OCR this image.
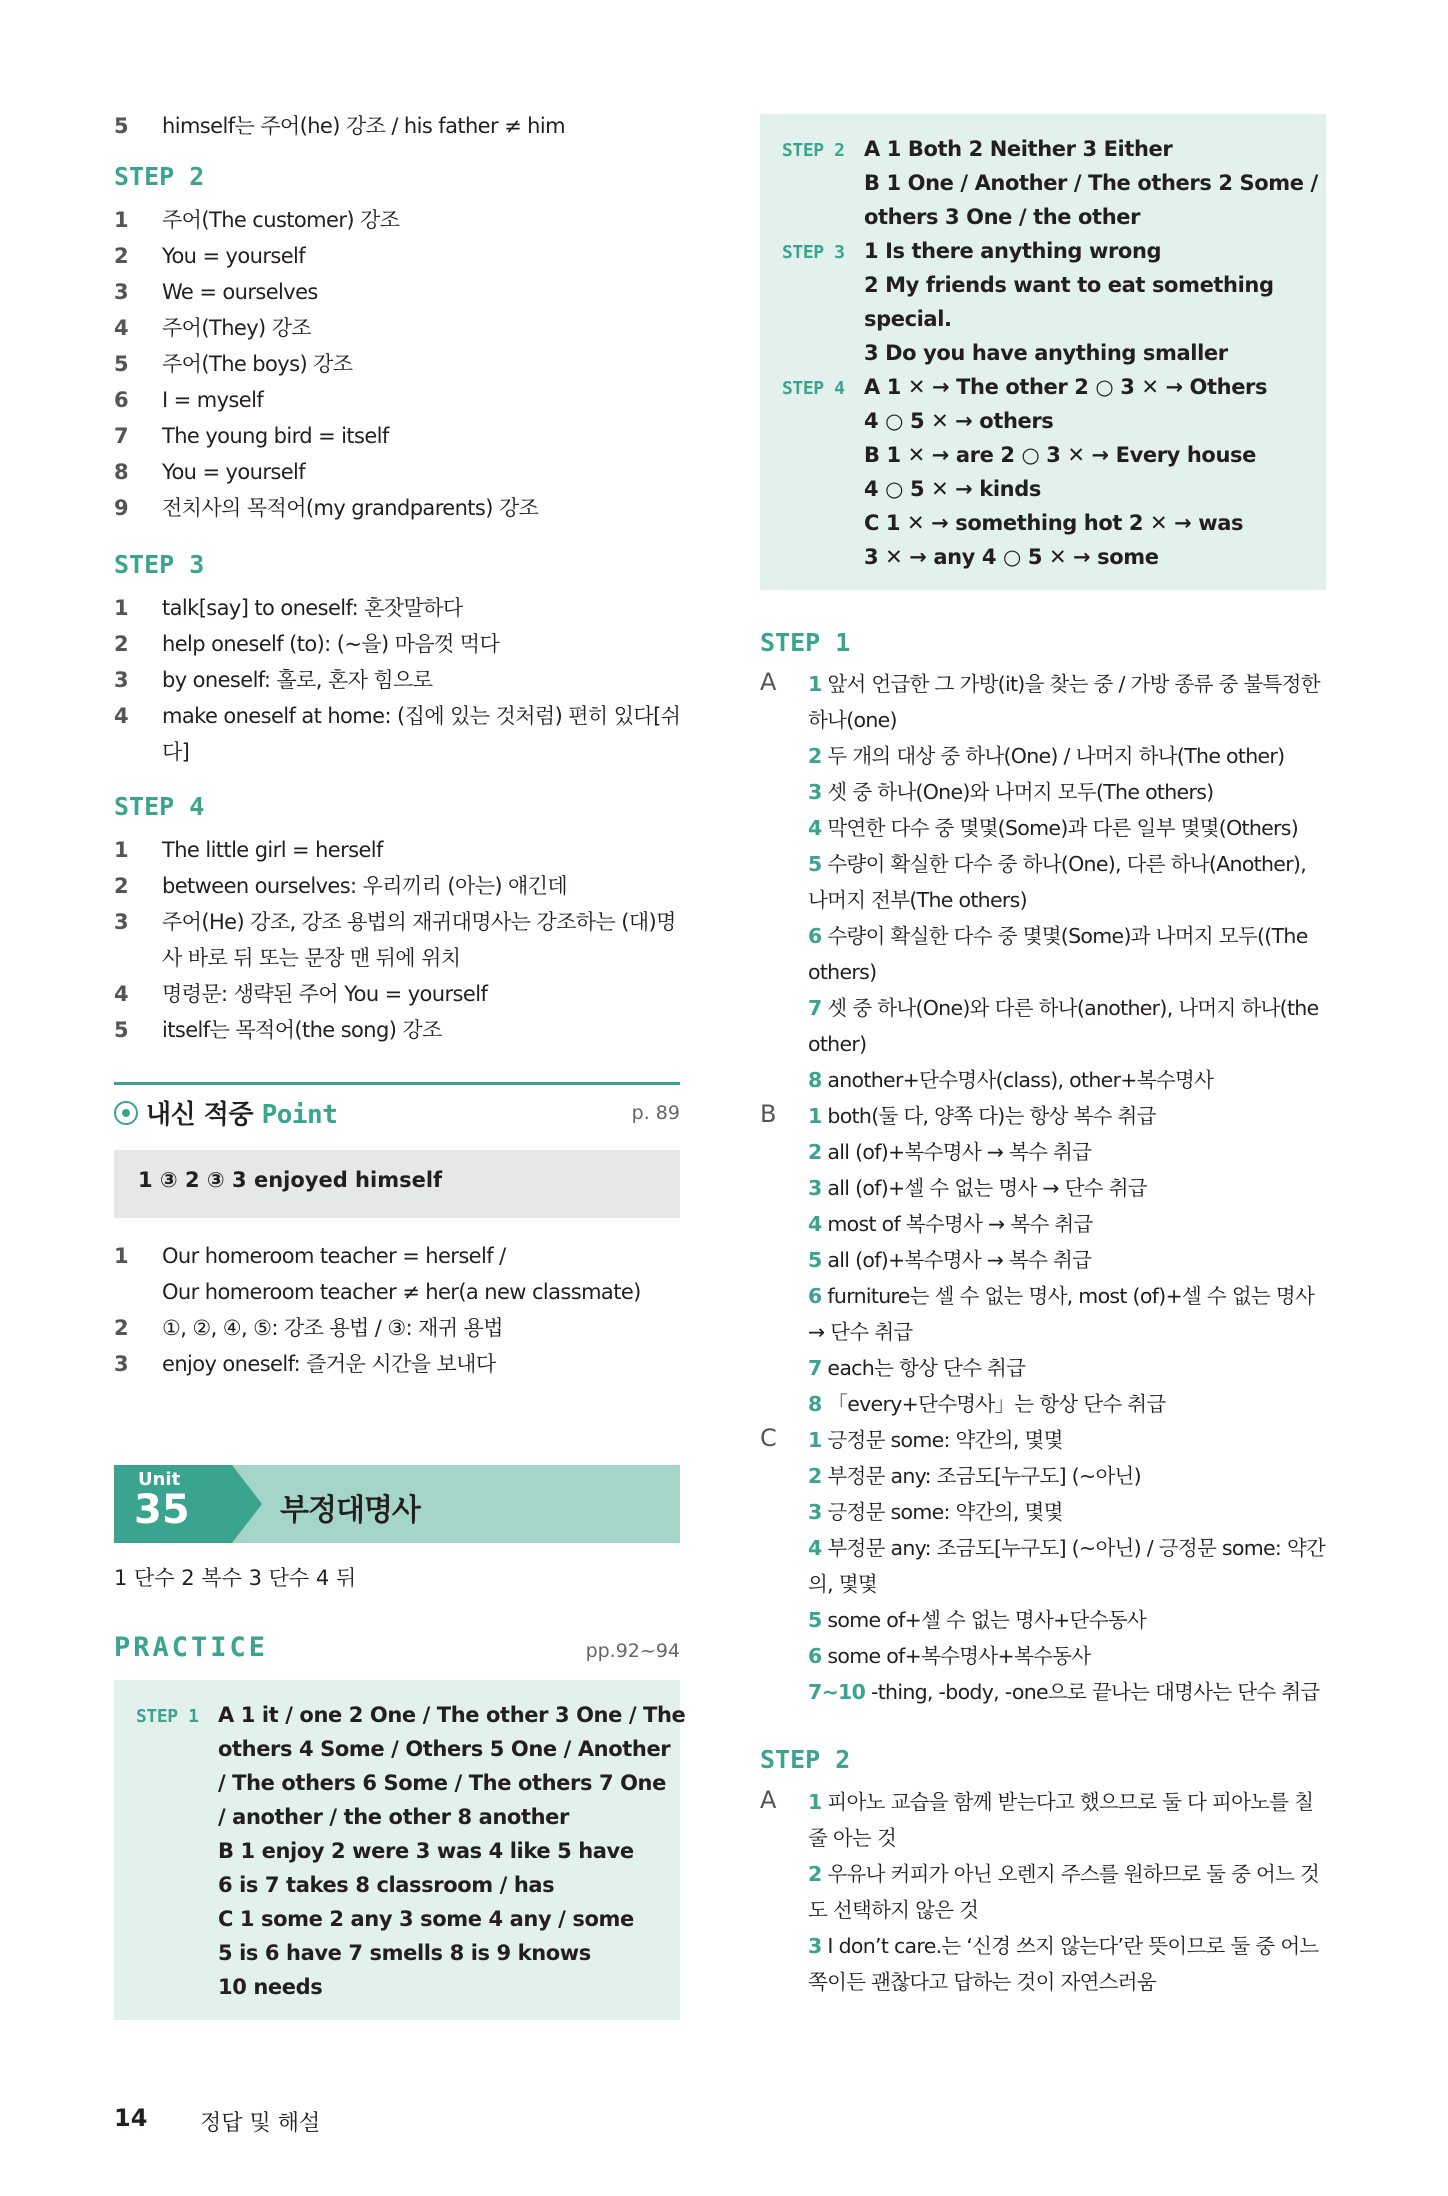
5 himself는 주어(he) 강조 / his father ≠ him
STEP 2
1 주어(The customer) 강조
2 You = yourself
3 We = ourselves
4 주어(They) 강조
5 주어(The boys) 강조
6 I = myself
7 The young bird = itself
8 You = yourself
9 전치사의 목적어(my grandparents) 강조
STEP 3
1 talk[say] to oneself: 혼잣말하다
2 help oneself (to): (~을) 마음껏 먹다
3 by oneself: 홀로, 혼자 힘으로
4 make oneself at home: (집에 있는 것처럼) 편히 있다[쉬
다]
STEP 4
1 The little girl = herself
2 between ourselves: 우리끼리 (아는) 얘긴데
3 주어(He) 강조, 강조 용법의 재귀대명사는 강조하는 (대)명
사 바로 뒤 또는 문장 맨 뒤에 위치
4 명령문: 생략된 주어 You = yourself
5 itself는 목적어(the song) 강조
내신 적중 Point	p. 89
1 ③ 2 ③ 3 enjoyed himself
1 Our homeroom teacher = herself /
Our homeroom teacher ≠ her(a new classmate)
2 ①, ②, ④, ⑤: 강조 용법 / ③: 재귀 용법
3 enjoy oneself: 즐거운 시간을 보내다
Unit
35	부정대명사
1 단수 2 복수 3 단수 4 뒤
PRACTICE	pp.92~94
STEP 1 A 1 it / one 2 One / The other 3 One / The
others 4 Some / Others 5 One / Another
/ The others 6 Some / The others 7 One
/ another / the other 8 another
B 1 enjoy 2 were 3 was 4 like 5 have
6 is 7 takes 8 classroom / has
C 1 some 2 any 3 some 4 any / some
5 is 6 have 7 smells 8 is 9 knows
10 needs
STEP 2 A 1 Both 2 Neither 3 Either
B 1 One / Another / The others 2 Some /
others 3 One / the other
STEP 3 1 Is there anything wrong
2 My friends want to eat something
special.
3 Do you have anything smaller
STEP 4 A 1 ✕ → The other 2 ○ 3 ✕ → Others
4 ○ 5 ✕ → others
B 1 ✕ → are 2 ○ 3 ✕ → Every house
4 ○ 5 ✕ → kinds
C 1 ✕ → something hot 2 ✕ → was
3 ✕ → any 4 ○ 5 ✕ → some
STEP 1
A 1 앞서 언급한 그 가방(it)을 찾는 중 / 가방 종류 중 불특정한
하나(one)
2 두 개의 대상 중 하나(One) / 나머지 하나(The other)
3 셋 중 하나(One)와 나머지 모두(The others)
4 막연한 다수 중 몇몇(Some)과 다른 일부 몇몇(Others)
5 수량이 확실한 다수 중 하나(One), 다른 하나(Another),
나머지 전부(The others)
6 수량이 확실한 다수 중 몇몇(Some)과 나머지 모두((The
others)
7 셋 중 하나(One)와 다른 하나(another), 나머지 하나(the
other)
8 another+단수명사(class), other+복수명사
B 1 both(둘 다, 양쪽 다)는 항상 복수 취급
2 all (of)+복수명사 → 복수 취급
3 all (of)+셀 수 없는 명사 → 단수 취급
4 most of 복수명사 → 복수 취급
5 all (of)+복수명사 → 복수 취급
6 furniture는 셀 수 없는 명사, most (of)+셀 수 없는 명사
→ 단수 취급
7 each는 항상 단수 취급
8 「every+단수명사」는 항상 단수 취급
C 1 긍정문 some: 약간의, 몇몇
2 부정문 any: 조금도[누구도] (~아닌)
3 긍정문 some: 약간의, 몇몇
4 부정문 any: 조금도[누구도] (~아닌) / 긍정문 some: 약간
의, 몇몇
5 some of+셀 수 없는 명사+단수동사
6 some of+복수명사+복수동사
7~10 -thing, -body, -one으로 끝나는 대명사는 단수 취급
STEP 2
A 1 피아노 교습을 함께 받는다고 했으므로 둘 다 피아노를 칠
줄 아는 것
2 우유나 커피가 아닌 오렌지 주스를 원하므로 둘 중 어느 것
도 선택하지 않은 것
3 I don’t care.는 ‘신경 쓰지 않는다’란 뜻이므로 둘 중 어느
쪽이든 괜찮다고 답하는 것이 자연스러움
14 정답 및 해설
